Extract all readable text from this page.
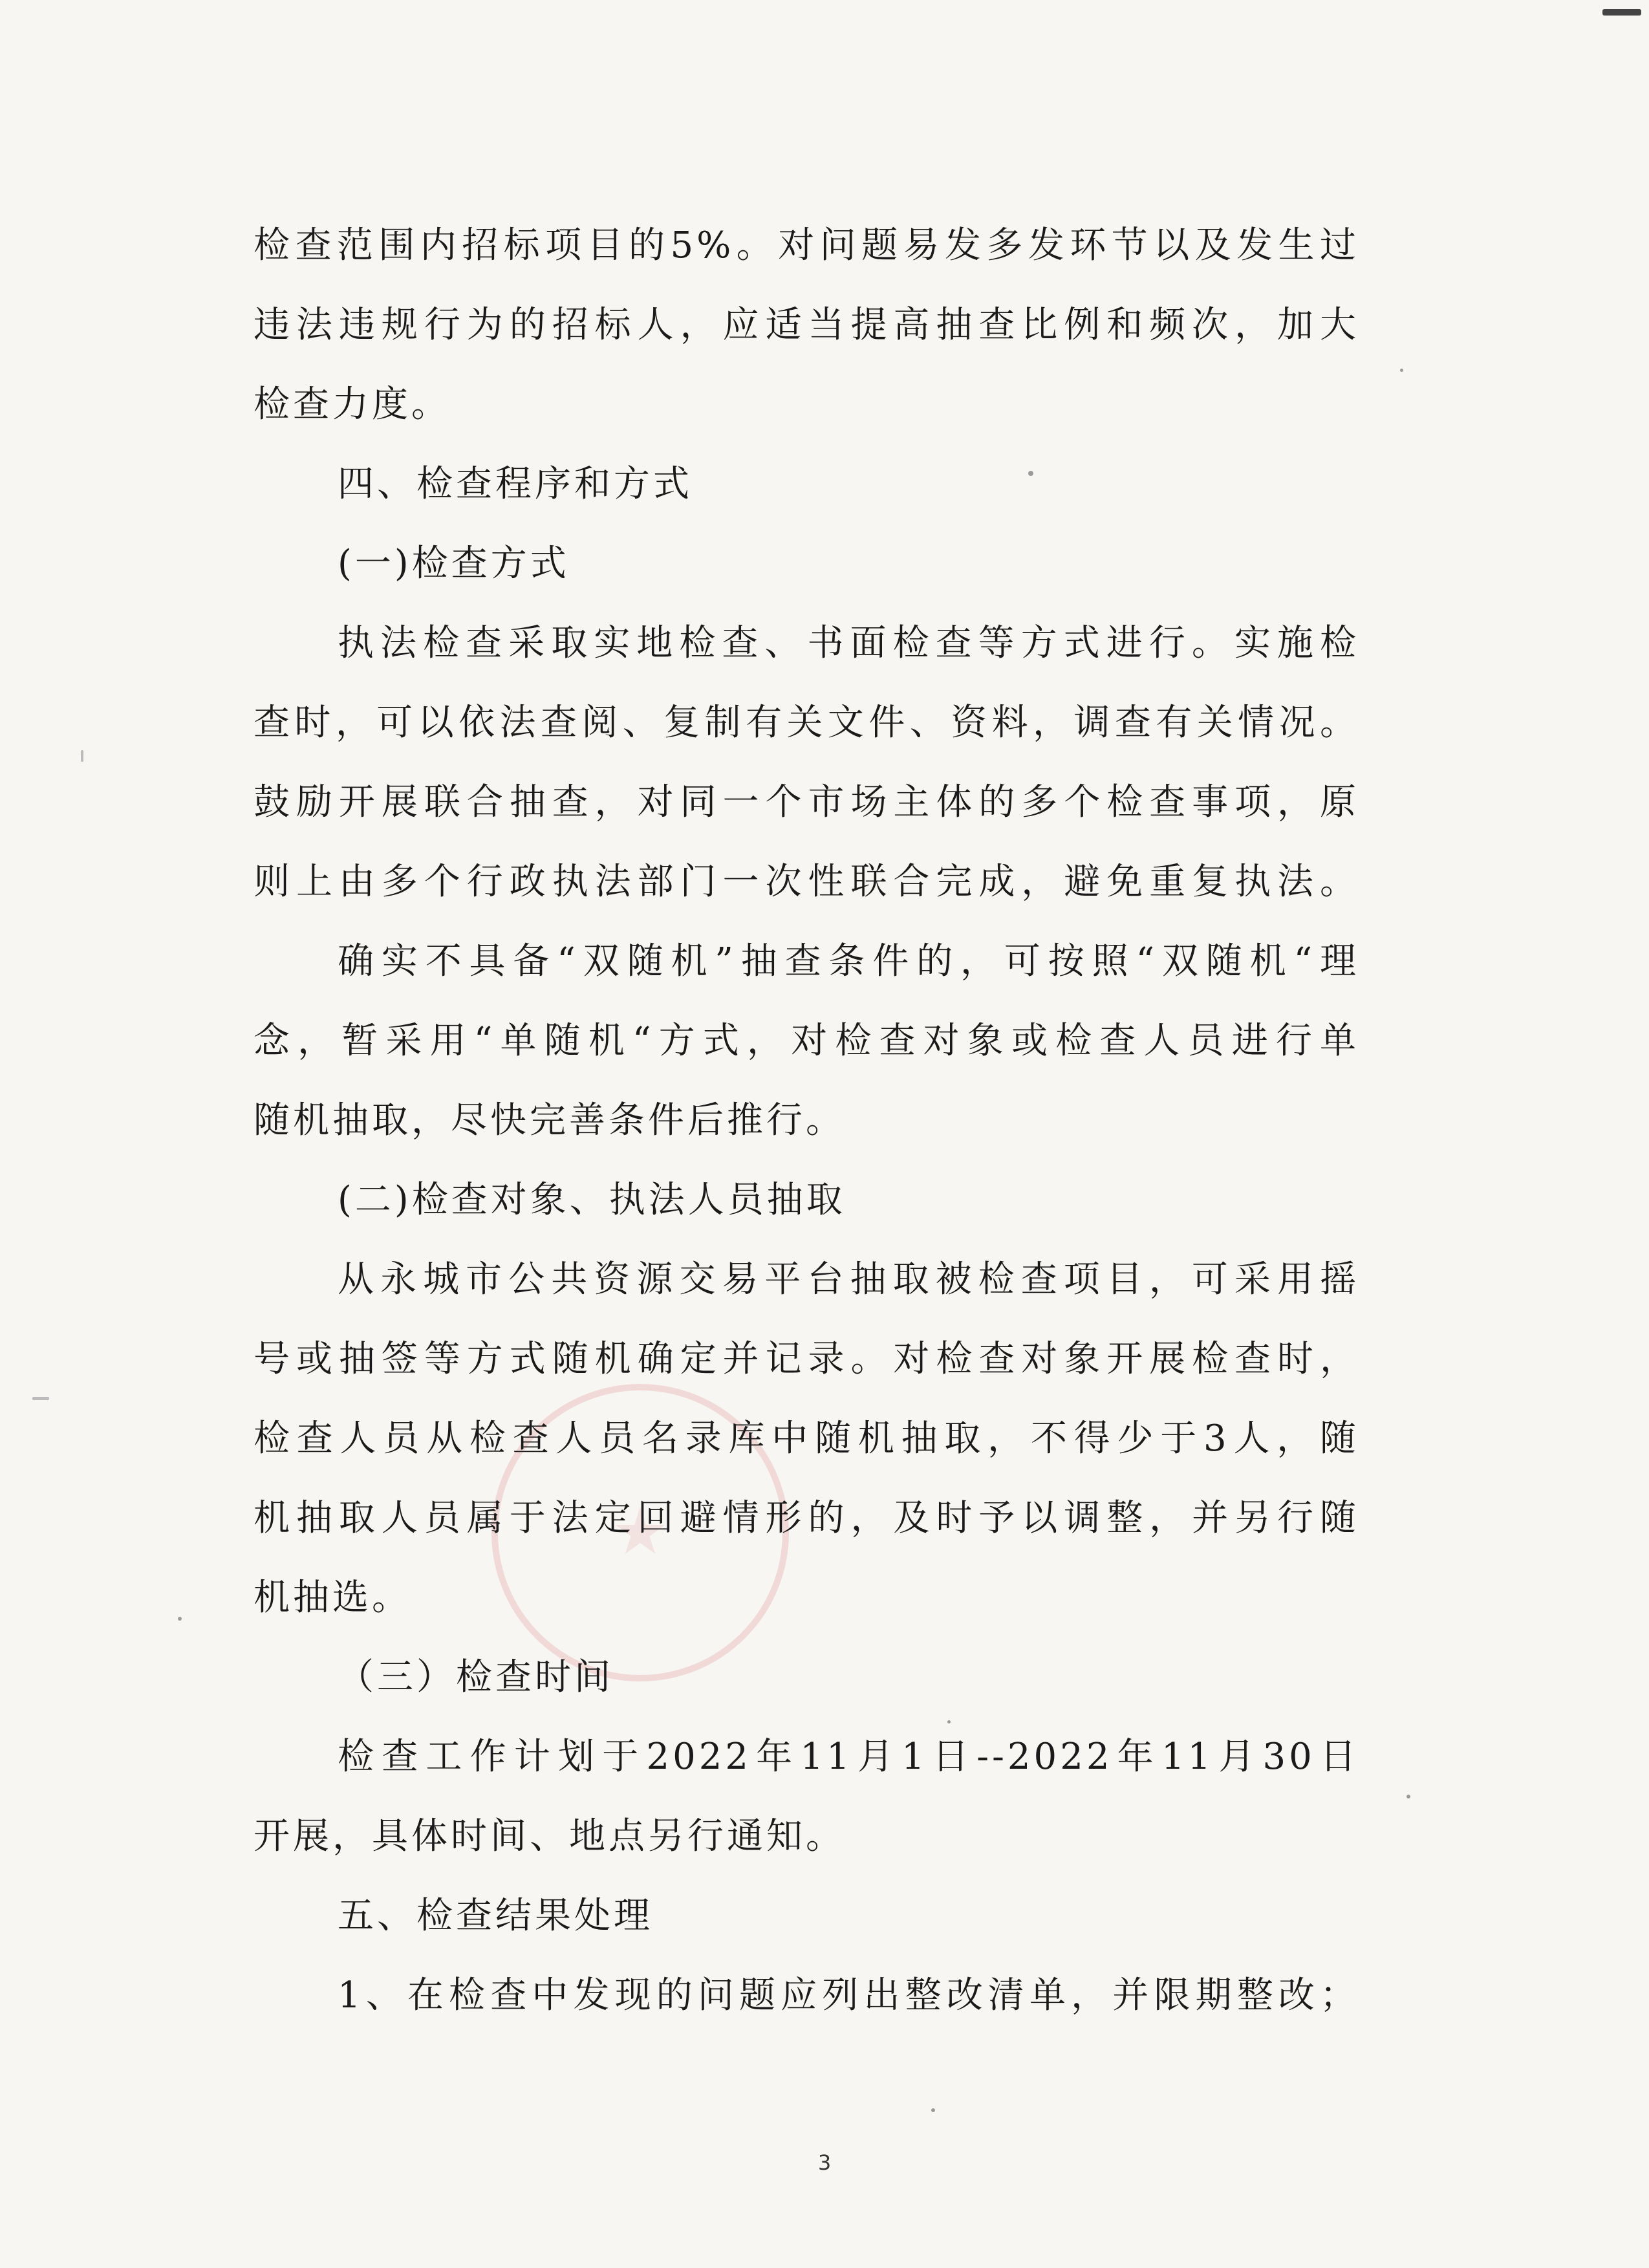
检查范围内招标项目的5%。对问题易发多发环节以及发生过
违法违规行为的招标人，应适当提高抽查比例和频次，加大
检查力度。
四、检查程序和方式
(一)检查方式
执法检查采取实地检查、书面检查等方式进行。实施检
查时，可以依法查阅、复制有关文件、资料，调查有关情况。
鼓励开展联合抽查，对同一个市场主体的多个检查事项，原
则上由多个行政执法部门一次性联合完成，避免重复执法。
确实不具备“双随机”抽查条件的，可按照“双随机“理
念，暂采用“单随机“方式，对检查对象或检查人员进行单
随机抽取，尽快完善条件后推行。
(二)检查对象、执法人员抽取
从永城市公共资源交易平台抽取被检查项目，可采用摇
号或抽签等方式随机确定并记录。对检查对象开展检查时，
检查人员从检查人员名录库中随机抽取，不得少于3人，随
机抽取人员属于法定回避情形的，及时予以调整，并另行随
机抽选。
（三）检查时间
检查工作计划于2022年11月1日--2022年11月30日
开展，具体时间、地点另行通知。
五、检查结果处理
1、在检查中发现的问题应列出整改清单，并限期整改；
3
